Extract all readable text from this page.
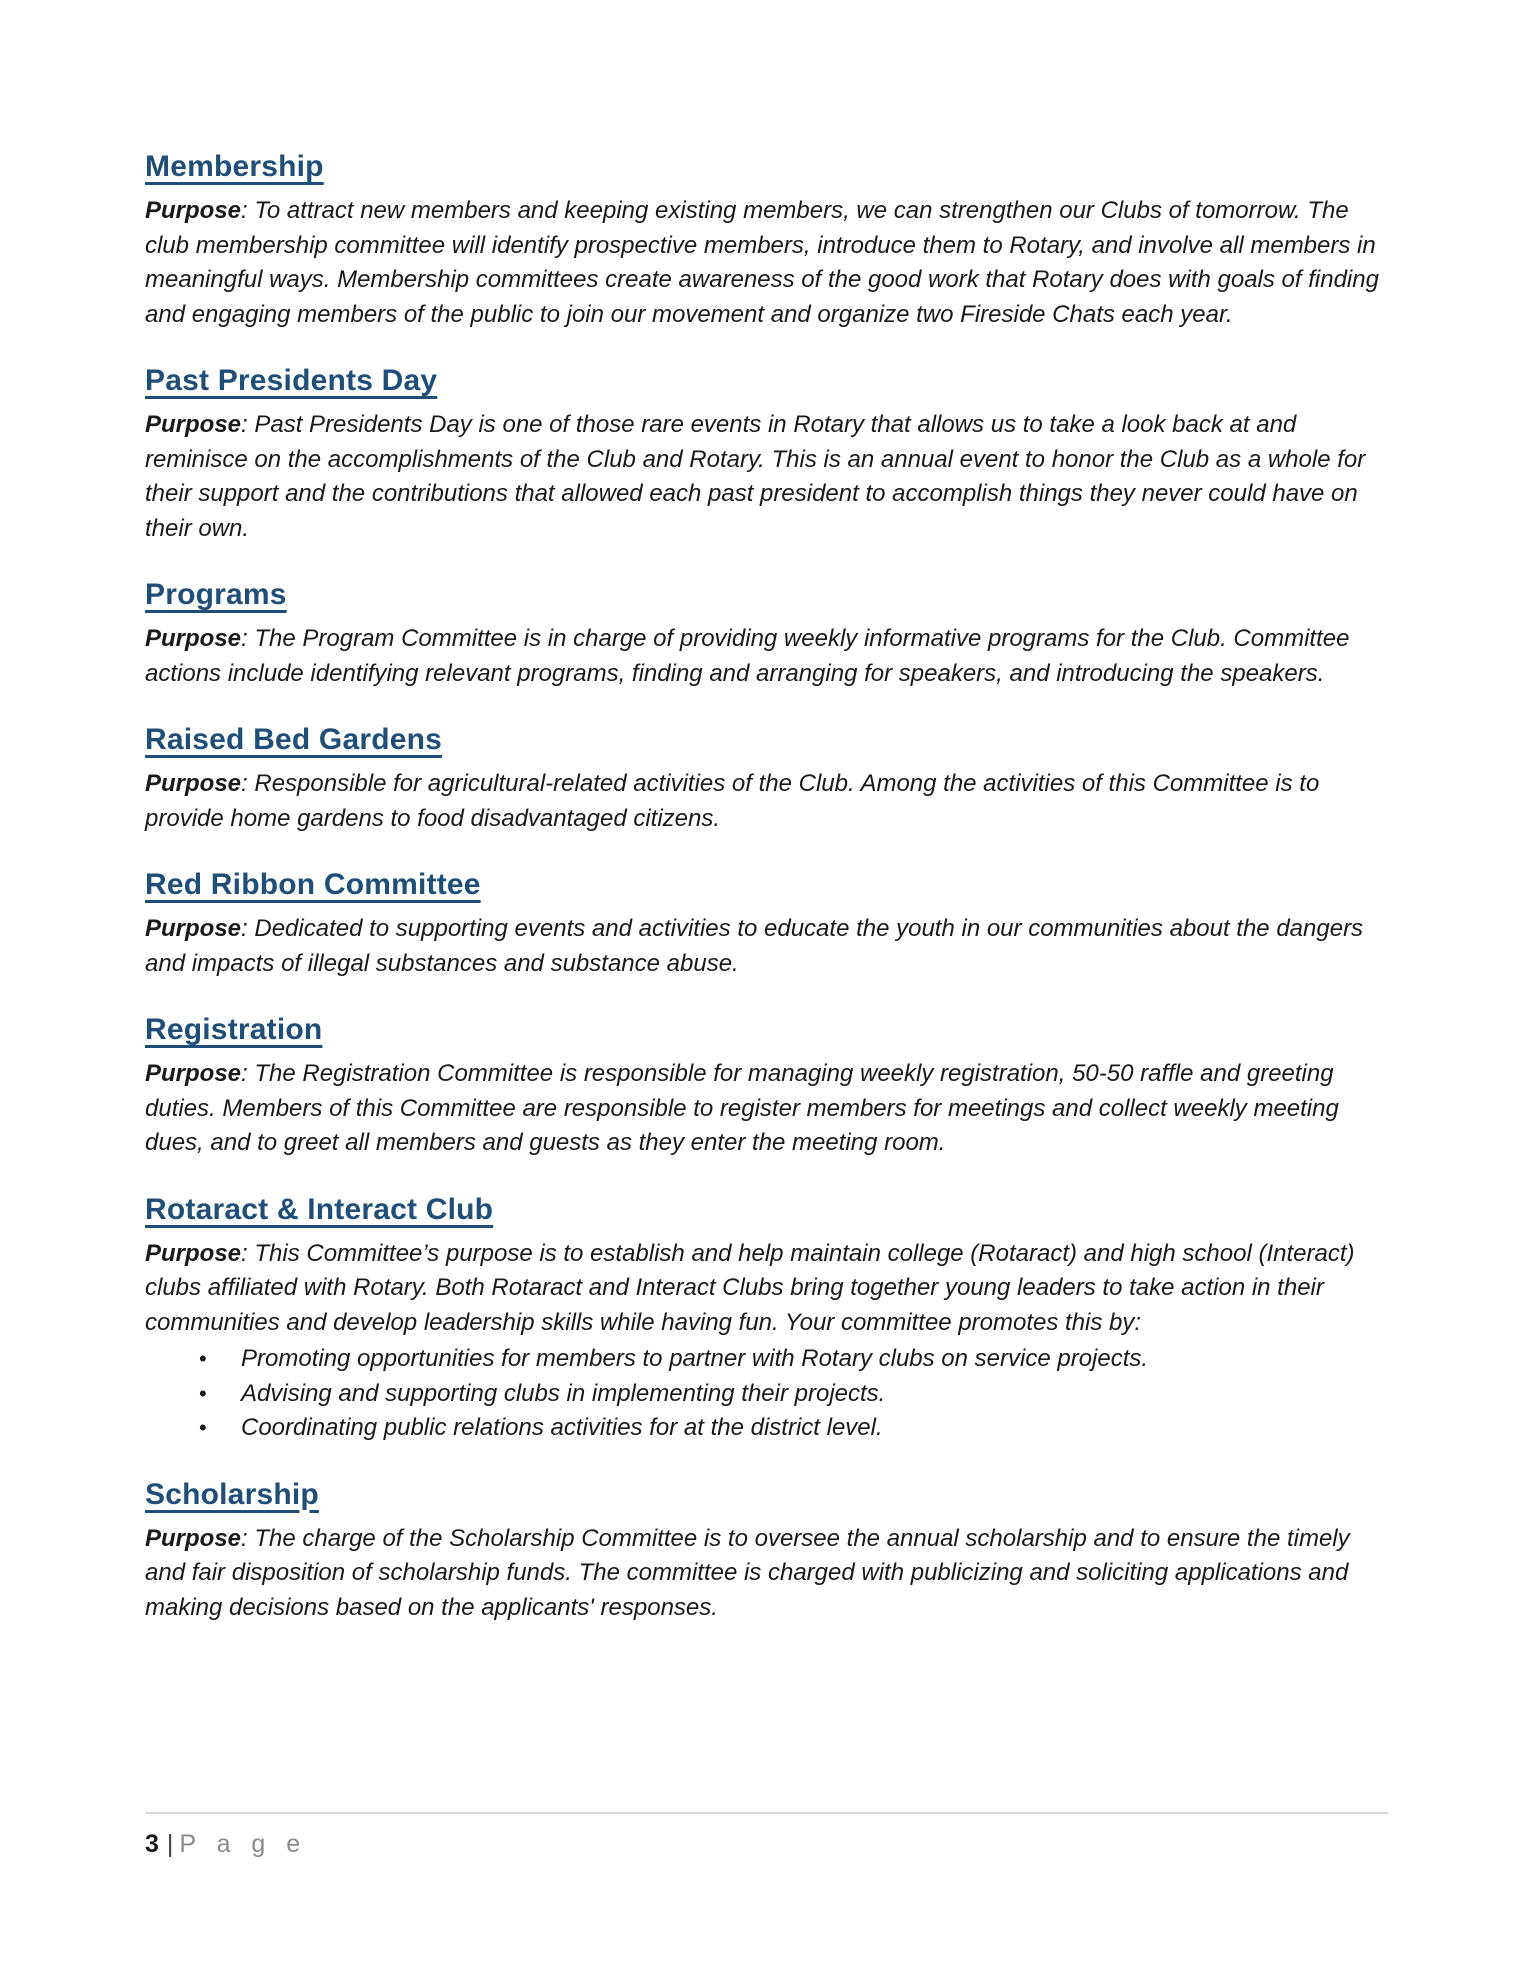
Membership

Purpose: To attract new members and keeping existing members, we can strengthen our Clubs of tomorrow. The club membership committee will identify prospective members, introduce them to Rotary, and involve all members in meaningful ways. Membership committees create awareness of the good work that Rotary does with goals of finding and engaging members of the public to join our movement and organize two Fireside Chats each year.

Past Presidents Day

Purpose: Past Presidents Day is one of those rare events in Rotary that allows us to take a look back at and reminisce on the accomplishments of the Club and Rotary. This is an annual event to honor the Club as a whole for their support and the contributions that allowed each past president to accomplish things they never could have on their own.

Programs

Purpose: The Program Committee is in charge of providing weekly informative programs for the Club. Committee actions include identifying relevant programs, finding and arranging for speakers, and introducing the speakers.

Raised Bed Gardens

Purpose: Responsible for agricultural-related activities of the Club. Among the activities of this Committee is to provide home gardens to food disadvantaged citizens.

Red Ribbon Committee

Purpose: Dedicated to supporting events and activities to educate the youth in our communities about the dangers and impacts of illegal substances and substance abuse.

Registration

Purpose: The Registration Committee is responsible for managing weekly registration, 50-50 raffle and greeting duties. Members of this Committee are responsible to register members for meetings and collect weekly meeting dues, and to greet all members and guests as they enter the meeting room.

Rotaract & Interact Club

Purpose: This Committee’s purpose is to establish and help maintain college (Rotaract) and high school (Interact) clubs affiliated with Rotary. Both Rotaract and Interact Clubs bring together young leaders to take action in their communities and develop leadership skills while having fun. Your committee promotes this by:

• Promoting opportunities for members to partner with Rotary clubs on service projects.
• Advising and supporting clubs in implementing their projects.
• Coordinating public relations activities for at the district level.
Scholarship

Purpose: The charge of the Scholarship Committee is to oversee the annual scholarship and to ensure the timely and fair disposition of scholarship funds. The committee is charged with publicizing and soliciting applications and making decisions based on the applicants' responses.

3 | P a g e
